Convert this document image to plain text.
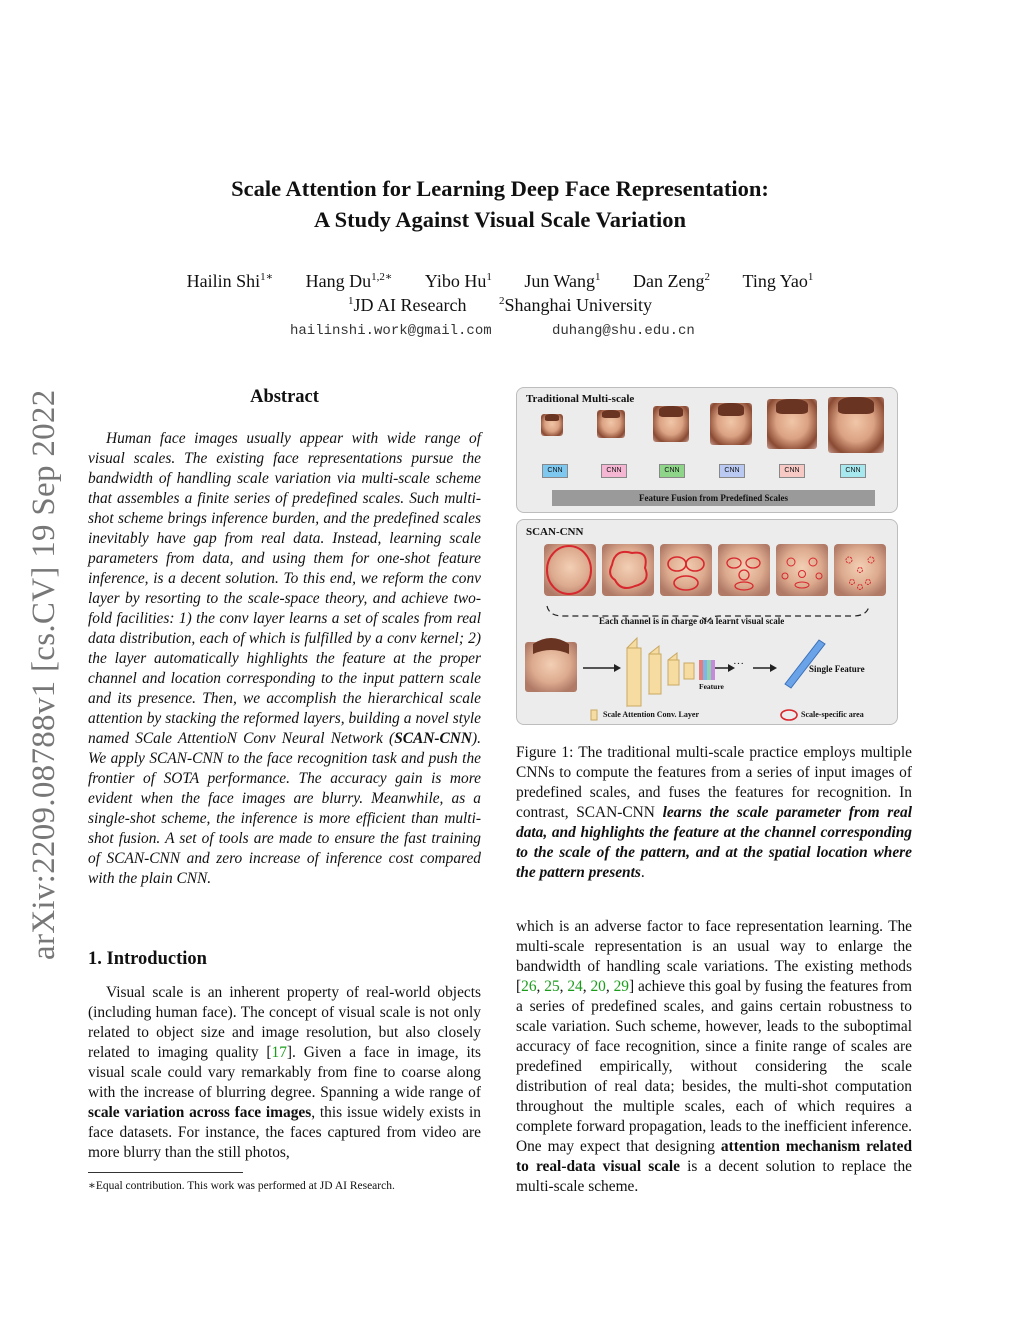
Scale Attention for Learning Deep Face Representation:
A Study Against Visual Scale Variation
Hailin Shi$^{1∗}$ Hang $Du^{1,2∗}$ Yibo Hu$^1$ Jun Wang$^1$ Dan Zeng$^2$ Ting Yao$^1$
$^1$JD AI Research	$^2$Shanghai University
hailinshi.work@gmail.com	duhang@shu.edu.cn
arXiv:2209.08788v1 [cs.CV] 19 Sep 2022	Abstract

Human face images usually appear with wide range of visual scales. The existing face representations pursue the bandwidth of handling scale variation via multi-scale scheme that assembles a finite series of predefined scales. Such multi-shot scheme brings inference burden, and the predefined scales inevitably have gap from real data. Instead, learning scale parameters from data, and using them for one-shot feature inference, is a decent solution. To this end, we reform the conv layer by resorting to the scale-space theory, and achieve two-fold facilities: 1) the conv layer learns a set of scales from real data distribution, each of which is fulfilled by a conv kernel; 2) the layer automatically highlights the feature at the proper channel and location corresponding to the input pattern scale and its presence. Then, we accomplish the hierarchical scale attention by stacking the reformed layers, building a novel style named SCale AttentioN Conv Neural Network (SCAN-CNN). We apply SCAN-CNN to the face recognition task and push the frontier of SOTA performance. The accuracy gain is more evident when the face images are blurry. Meanwhile, as a single-shot scheme, the inference is more efficient than multi-shot fusion. A set of tools are made to ensure the fast training of SCAN-CNN and zero increase of inference cost compared with the plain CNN.

1. Introduction

Visual scale is an inherent property of real-world objects (including human face). The concept of visual scale is not only related to object size and image resolution, but also closely related to imaging quality [17]. Given a face in image, its visual scale could vary remarkably from fine to coarse along with the increase of blurring degree. Spanning a wide range of scale variation across face images, this issue widely exists in face datasets. For instance, the faces captured from video are more blurry than the still photos,

∗Equal contribution. This work was performed at JD AI Research.
Traditional Multi-scale
CNN	CNN	CNN	CNN	CNN	CNN
Feature Fusion from Predefined Scales
SCAN-CNN
Each channel is in charge of a learnt visual scale
Feature
···	Single Feature
Scale Attention Conv. Layer	Scale-specific area
Figure 1: The traditional multi-scale practice employs multiple CNNs to compute the features from a series of input images of predefined scales, and fuses the features for recognition. In contrast, SCAN-CNN learns the scale parameter from real data, and highlights the feature at the channel corresponding to the scale of the pattern, and at the spatial location where the pattern presents.

which is an adverse factor to face representation learning. The multi-scale representation is an usual way to enlarge the bandwidth of handling scale variations. The existing methods [26, 25, 24, 20, 29] achieve this goal by fusing the features from a series of predefined scales, and gains certain robustness to scale variation. Such scheme, however, leads to the suboptimal accuracy of face recognition, since a finite range of scales are predefined empirically, without considering the scale distribution of real data; besides, the multi-shot computation throughout the multiple scales, each of which requires a complete forward propagation, leads to the inefficient inference. One may expect that designing attention mechanism related to real-data visual scale is a decent solution to replace the multi-scale scheme.
